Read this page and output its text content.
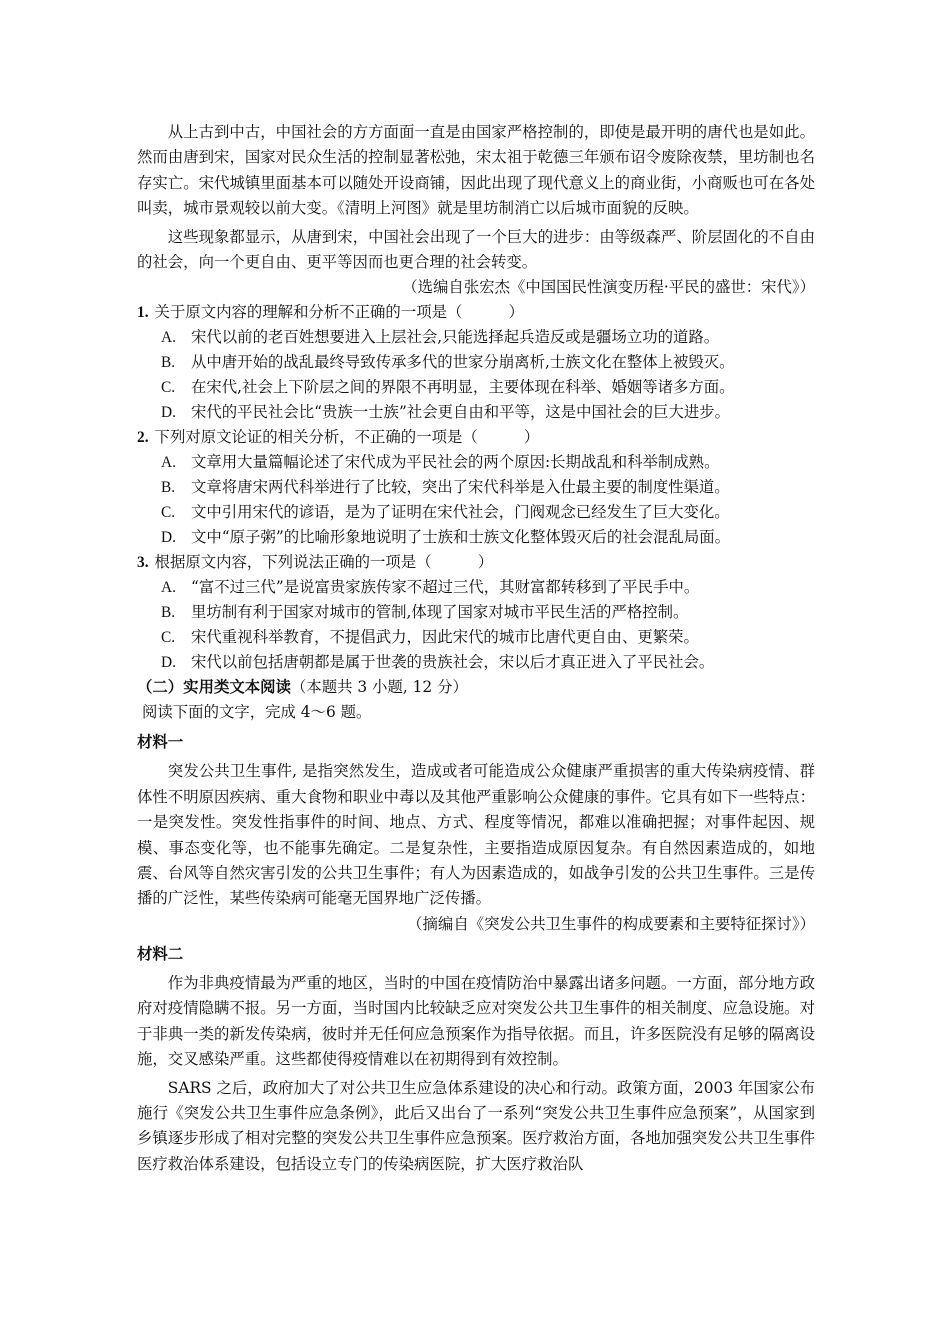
从上古到中古，中国社会的方方面面一直是由国家严格控制的，即使是最开明的唐代也是如此。然而由唐到宋，国家对民众生活的控制显著松弛，宋太祖于乾德三年颁布诏令废除夜禁，里坊制也名存实亡。宋代城镇里面基本可以随处开设商铺，因此出现了现代意义上的商业街，小商贩也可在各处叫卖，城市景观较以前大变。《清明上河图》就是里坊制消亡以后城市面貌的反映。

这些现象都显示，从唐到宋，中国社会出现了一个巨大的进步：由等级森严、阶层固化的不自由的社会，向一个更自由、更平等因而也更合理的社会转变。

（选编自张宏杰《中国国民性演变历程·平民的盛世：宋代》）

1. 关于原文内容的理解和分析不正确的一项是（　　　）

A. 宋代以前的老百姓想要进入上层社会,只能选择起兵造反或是疆场立功的道路。

B. 从中唐开始的战乱最终导致传承多代的世家分崩离析,士族文化在整体上被毁灭。

C. 在宋代,社会上下阶层之间的界限不再明显，主要体现在科举、婚姻等诸多方面。

D. 宋代的平民社会比“贵族一士族”社会更自由和平等，这是中国社会的巨大进步。

2. 下列对原文论证的相关分析，不正确的一项是（　　　）

A. 文章用大量篇幅论述了宋代成为平民社会的两个原因:长期战乱和科举制成熟。

B. 文章将唐宋两代科举进行了比较，突出了宋代科举是入仕最主要的制度性渠道。

C. 文中引用宋代的谚语，是为了证明在宋代社会，门阀观念已经发生了巨大变化。

D. 文中“原子粥”的比喻形象地说明了士族和士族文化整体毁灭后的社会混乱局面。

3. 根据原文内容，下列说法正确的一项是（　　　）

A. “富不过三代”是说富贵家族传家不超过三代，其财富都转移到了平民手中。

B. 里坊制有利于国家对城市的管制,体现了国家对城市平民生活的严格控制。

C. 宋代重视科举教育，不提倡武力，因此宋代的城市比唐代更自由、更繁荣。

D. 宋代以前包括唐朝都是属于世袭的贵族社会，宋以后才真正进入了平民社会。

（二）实用类文本阅读（本题共 3 小题, 12 分）

阅读下面的文字，完成 4～6 题。

材料一

突发公共卫生事件, 是指突然发生，造成或者可能造成公众健康严重损害的重大传染病疫情、群体性不明原因疾病、重大食物和职业中毒以及其他严重影响公众健康的事件。它具有如下一些特点：一是突发性。突发性指事件的时间、地点、方式、程度等情况，都难以准确把握；对事件起因、规模、事态变化等，也不能事先确定。二是复杂性，主要指造成原因复杂。有自然因素造成的，如地震、台风等自然灾害引发的公共卫生事件；有人为因素造成的，如战争引发的公共卫生事件。三是传播的广泛性，某些传染病可能毫无国界地广泛传播。

（摘编自《突发公共卫生事件的构成要素和主要特征探讨》）

材料二

作为非典疫情最为严重的地区，当时的中国在疫情防治中暴露出诸多问题。一方面，部分地方政府对疫情隐瞒不报。另一方面，当时国内比较缺乏应对突发公共卫生事件的相关制度、应急设施。对于非典一类的新发传染病，彼时并无任何应急预案作为指导依据。而且，许多医院没有足够的隔离设施，交叉感染严重。这些都使得疫情难以在初期得到有效控制。

SARS 之后，政府加大了对公共卫生应急体系建设的决心和行动。政策方面，2003 年国家公布施行《突发公共卫生事件应急条例》，此后又出台了一系列“突发公共卫生事件应急预案”，从国家到乡镇逐步形成了相对完整的突发公共卫生事件应急预案。医疗救治方面，各地加强突发公共卫生事件医疗救治体系建设，包括设立专门的传染病医院，扩大医疗救治队
